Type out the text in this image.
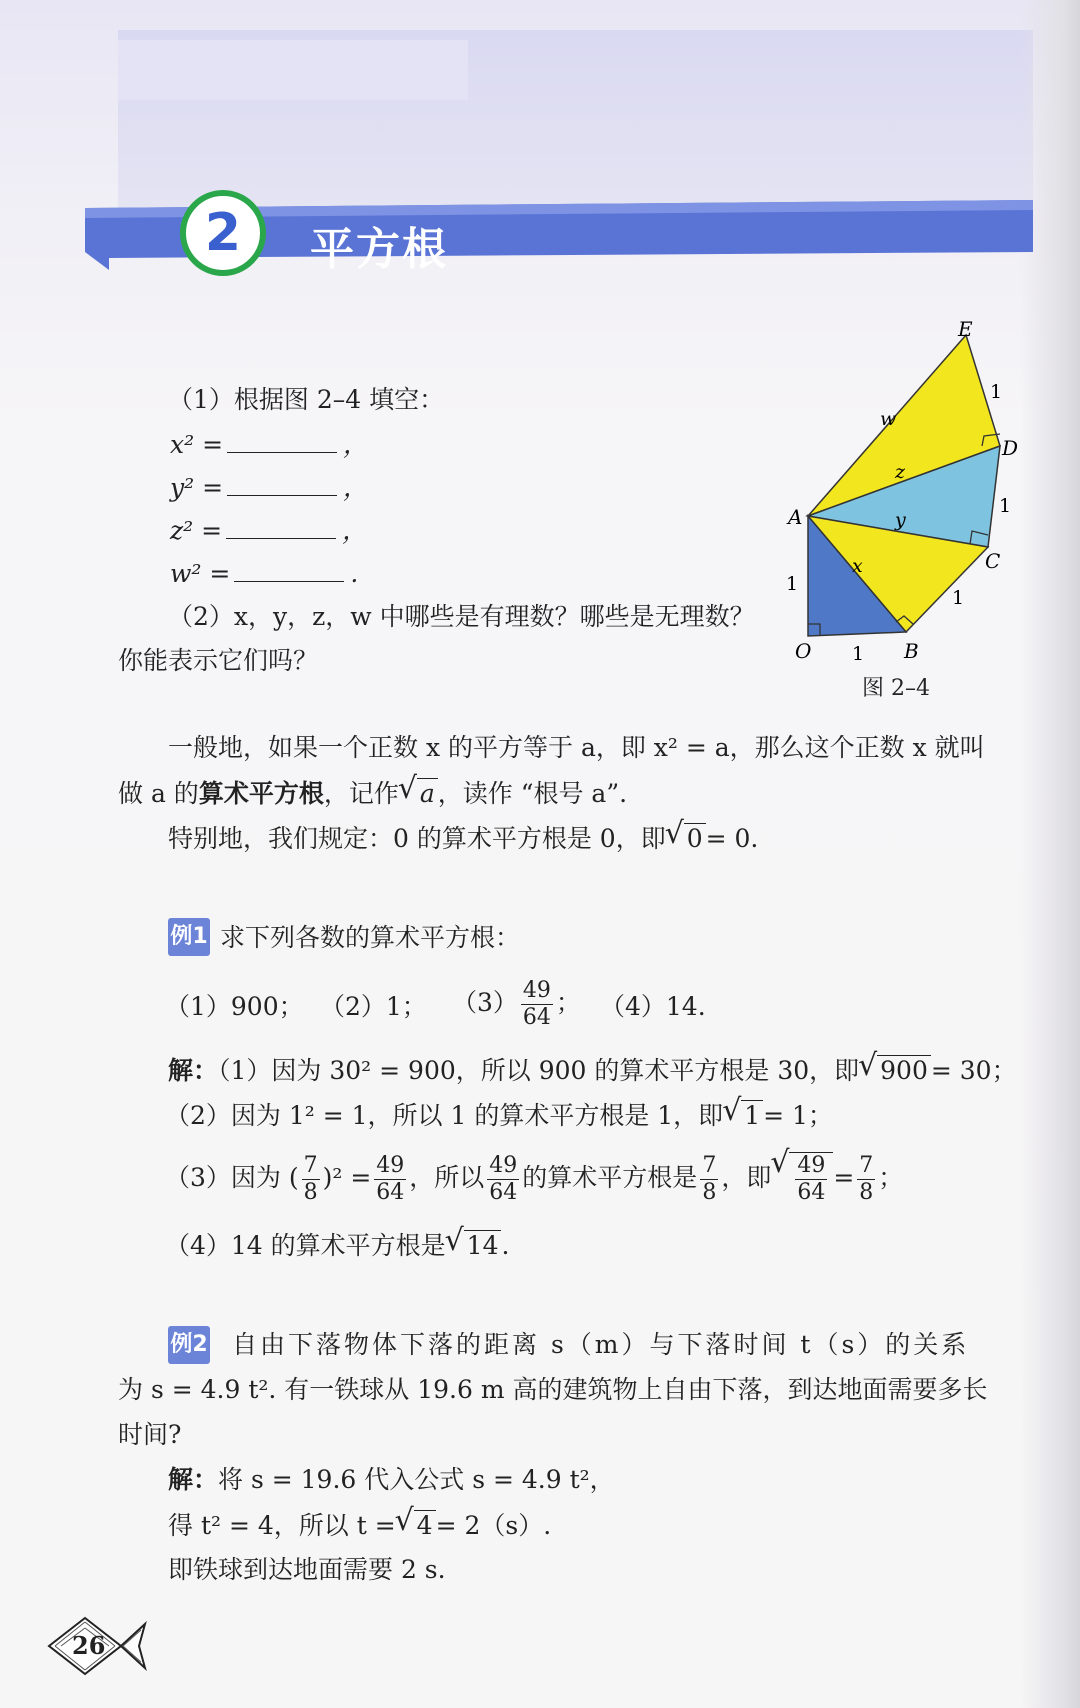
2 平方根
（1）根据图 2–4 填空：
x² =	，
y² =	，
z² =	，
w² =	.
（2）x，y，z，w 中哪些是有理数？哪些是无理数？
你能表示它们吗？
E
D
C
A
B
O
w
z
y
x
1
1
1
1
1
图 2–4
一般地，如果一个正数 x 的平方等于 a，即 x² = a，那么这个正数 x 就叫
做 a 的算术平方根，记作 √ a ，读作 “根号 a”.
特别地，我们规定：0 的算术平方根是 0，即 √ 0 = 0.
例1 求下列各数的算术平方根：
（1）900； （2）1； $(3) \frac{49}{64}$ ； （4）14.
解：（1）因为 30² = 900，所以 900 的算术平方根是 30，即 √ 900 = 30；
（2）因为 1² = 1，所以 1 的算术平方根是 1，即 √ 1 = 1；
（3）因为 ( $\frac{7}{8} )^2 = \frac{49}{64}$ ，所以 $\frac{49}{64}$ 的算术平方根是 $\frac{7}{8}$ ，即 √ $\frac{49}{64} = \frac{7}{8}$ ；
（4）14 的算术平方根是 √ 14 .
例2 自由下落物体下落的距离 s（m）与下落时间 t（s）的关系
为 s = 4.9 t². 有一铁球从 19.6 m 高的建筑物上自由下落，到达地面需要多长
时间?
解：将 s = 19.6 代入公式 s = 4.9 t²，
得 t² = 4，所以 t = √ 4 = 2（s）.
即铁球到达地面需要 2 s.
26
